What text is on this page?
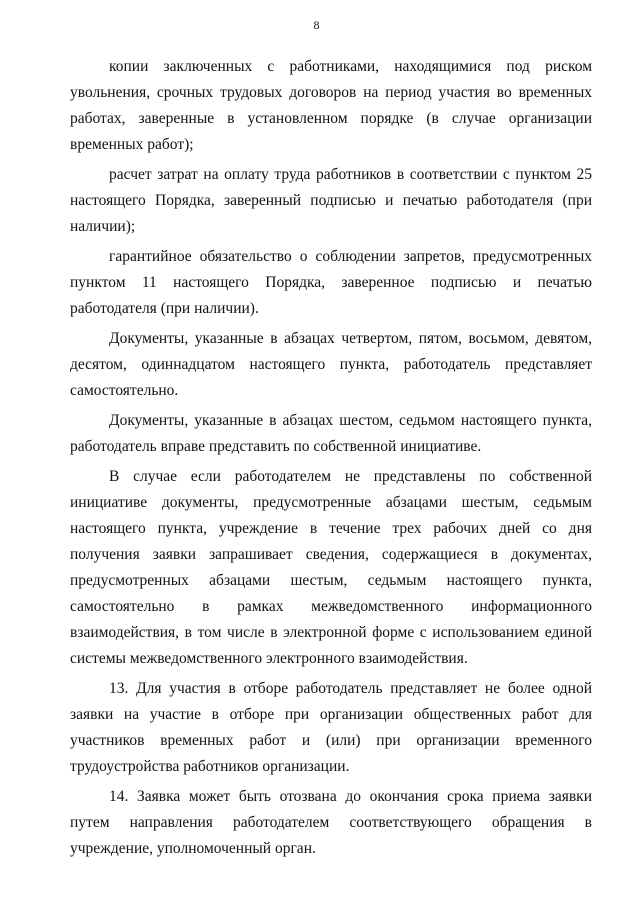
8

копии заключенных с работниками, находящимися под риском увольнения, срочных трудовых договоров на период участия во временных работах, заверенные в установленном порядке (в случае организации временных работ);

расчет затрат на оплату труда работников в соответствии с пунктом 25 настоящего Порядка, заверенный подписью и печатью работодателя (при наличии);

гарантийное обязательство о соблюдении запретов, предусмотренных пунктом 11 настоящего Порядка, заверенное подписью и печатью работодателя (при наличии).

Документы, указанные в абзацах четвертом, пятом, восьмом, девятом, десятом, одиннадцатом настоящего пункта, работодатель представляет самостоятельно.

Документы, указанные в абзацах шестом, седьмом настоящего пункта, работодатель вправе представить по собственной инициативе.

В случае если работодателем не представлены по собственной инициативе документы, предусмотренные абзацами шестым, седьмым настоящего пункта, учреждение в течение трех рабочих дней со дня получения заявки запрашивает сведения, содержащиеся в документах, предусмотренных абзацами шестым, седьмым настоящего пункта, самостоятельно в рамках межведомственного информационного взаимодействия, в том числе в электронной форме с использованием единой системы межведомственного электронного взаимодействия.

13. Для участия в отборе работодатель представляет не более одной заявки на участие в отборе при организации общественных работ для участников временных работ и (или) при организации временного трудоустройства работников организации.

14. Заявка может быть отозвана до окончания срока приема заявки путем направления работодателем соответствующего обращения в учреждение, уполномоченный орган.
